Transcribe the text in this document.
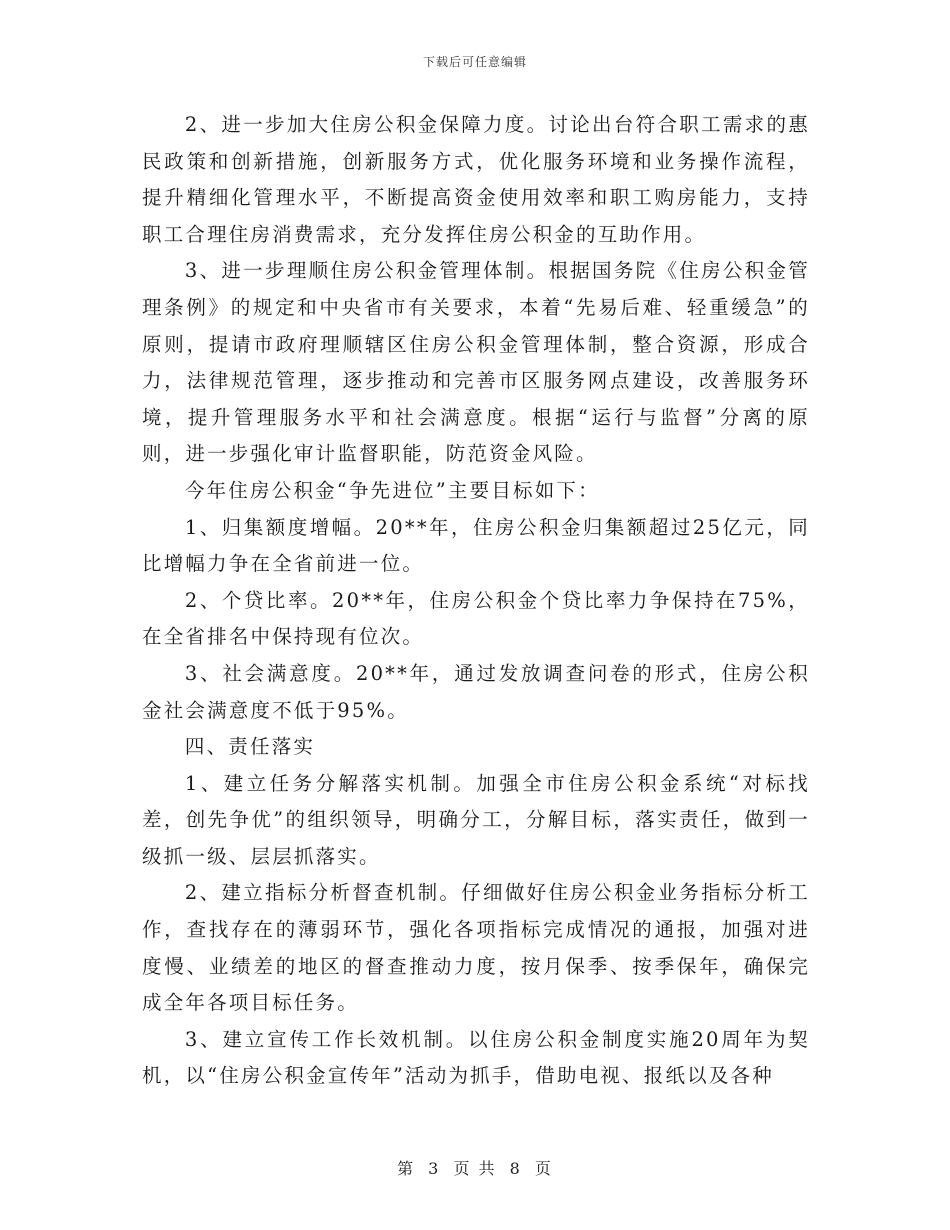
下载后可任意编辑

2、进一步加大住房公积金保障力度。讨论出台符合职工需求的惠民政策和创新措施，创新服务方式，优化服务环境和业务操作流程，提升精细化管理水平，不断提高资金使用效率和职工购房能力，支持职工合理住房消费需求，充分发挥住房公积金的互助作用。

3、进一步理顺住房公积金管理体制。根据国务院《住房公积金管理条例》的规定和中央省市有关要求，本着“先易后难、轻重缓急”的原则，提请市政府理顺辖区住房公积金管理体制，整合资源，形成合力，法律规范管理，逐步推动和完善市区服务网点建设，改善服务环境，提升管理服务水平和社会满意度。根据“运行与监督”分离的原则，进一步强化审计监督职能，防范资金风险。

今年住房公积金“争先进位”主要目标如下：

1、归集额度增幅。20**年，住房公积金归集额超过25亿元，同比增幅力争在全省前进一位。

2、个贷比率。20**年，住房公积金个贷比率力争保持在75%，在全省排名中保持现有位次。

3、社会满意度。20**年，通过发放调查问卷的形式，住房公积金社会满意度不低于95%。

四、责任落实

1、建立任务分解落实机制。加强全市住房公积金系统“对标找差，创先争优”的组织领导，明确分工，分解目标，落实责任，做到一级抓一级、层层抓落实。

2、建立指标分析督查机制。仔细做好住房公积金业务指标分析工作，查找存在的薄弱环节，强化各项指标完成情况的通报，加强对进度慢、业绩差的地区的督查推动力度，按月保季、按季保年，确保完成全年各项目标任务。

3、建立宣传工作长效机制。以住房公积金制度实施20周年为契机，以“住房公积金宣传年”活动为抓手，借助电视、报纸以及各种

第 3 页 共 8 页
